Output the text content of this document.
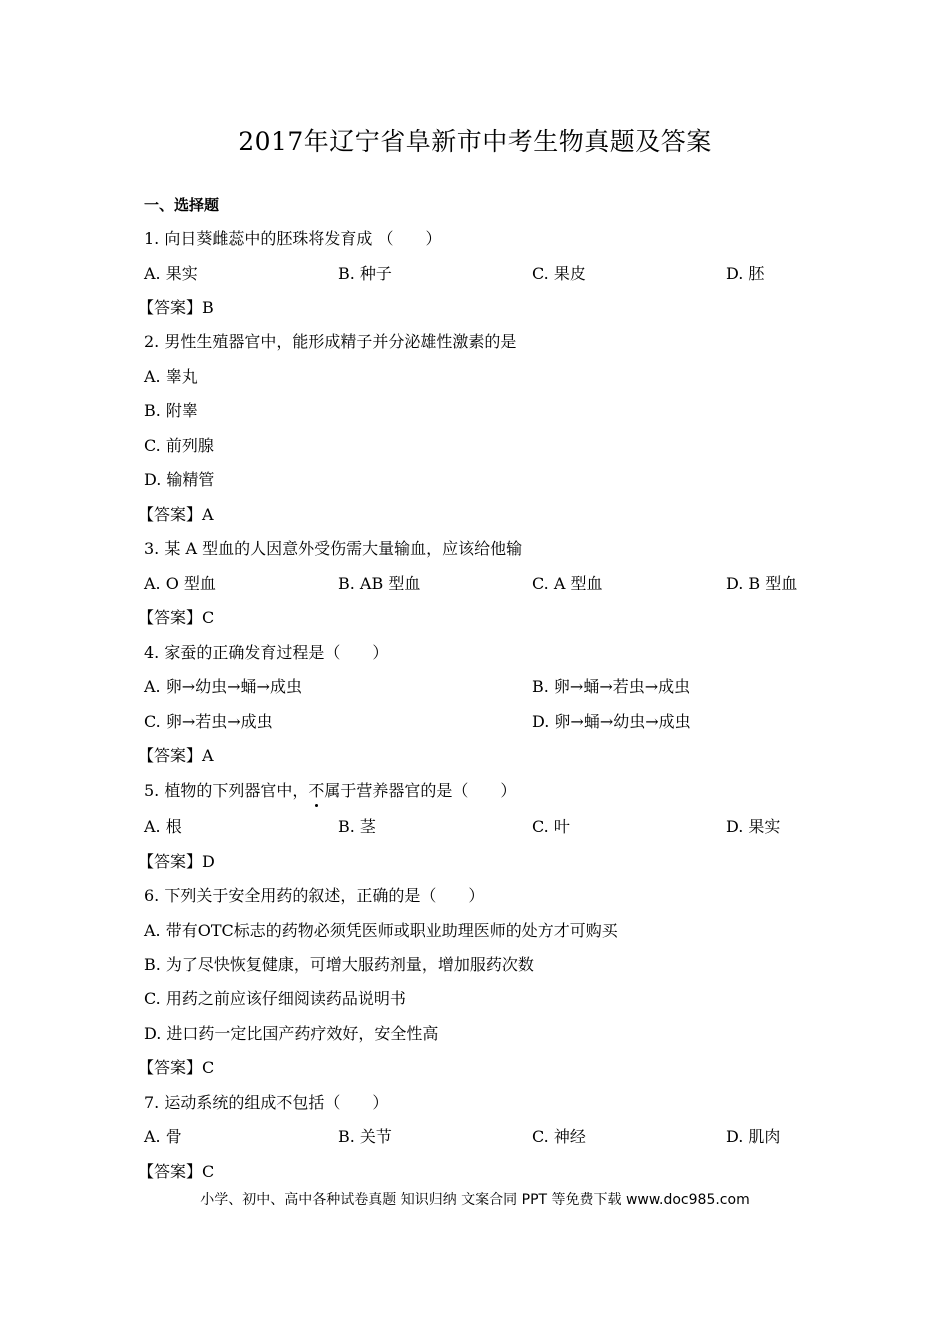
2017年辽宁省阜新市中考生物真题及答案
一、选择题
1. 向日葵雌蕊中的胚珠将发育成 （　　）
A. 果实	B. 种子	C. 果皮	D. 胚
【答案】B
2. 男性生殖器官中，能形成精子并分泌雄性激素的是
A. 睾丸
B. 附睾
C. 前列腺
D. 输精管
【答案】A
3. 某 A 型血的人因意外受伤需大量输血，应该给他输
A. O 型血	B. AB 型血	C. A 型血	D. B 型血
【答案】C
4. 家蚕的正确发育过程是（　　）
A. 卵→幼虫→蛹→成虫	B. 卵→蛹→若虫→成虫
C. 卵→若虫→成虫	D. 卵→蛹→幼虫→成虫
【答案】A
5. 植物的下列器官中，不属于营养器官的是（　　）
A. 根	B. 茎	C. 叶	D. 果实
【答案】D
6. 下列关于安全用药的叙述，正确的是（　　）
A. 带有OTC标志的药物必须凭医师或职业助理医师的处方才可购买
B. 为了尽快恢复健康，可增大服药剂量，增加服药次数
C. 用药之前应该仔细阅读药品说明书
D. 进口药一定比国产药疗效好，安全性高
【答案】C
7. 运动系统的组成不包括（　　）
A. 骨	B. 关节	C. 神经	D. 肌肉
【答案】C
小学、初中、高中各种试卷真题 知识归纳 文案合同 PPT 等免费下载 www.doc985.com
